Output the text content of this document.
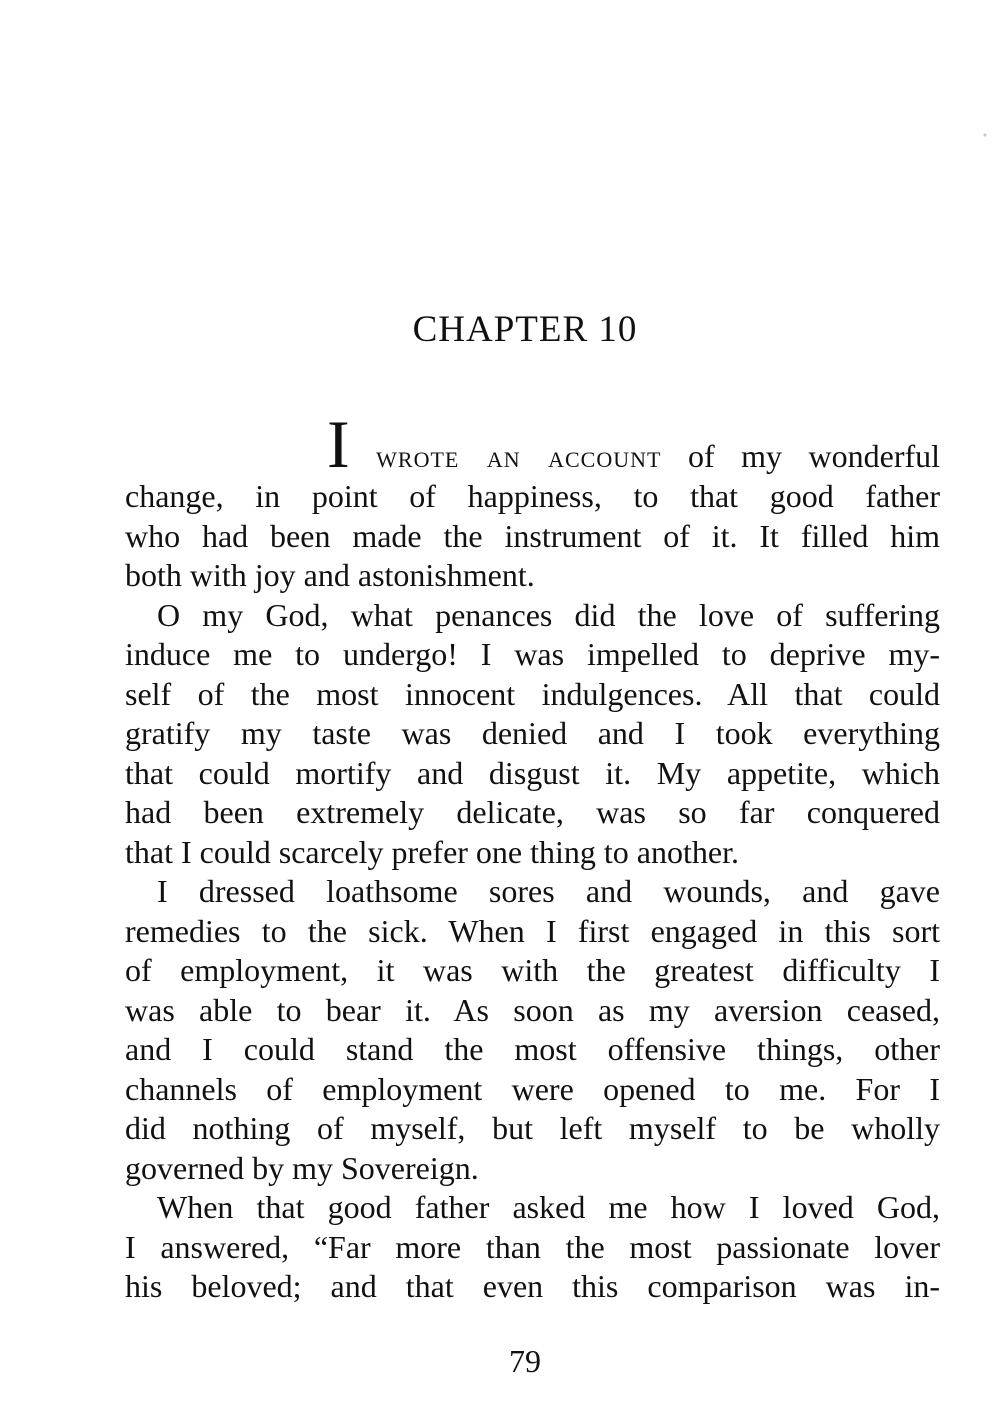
CHAPTER 10
I wrote an account of my wonderful
change, in point of happiness, to that good father
who had been made the instrument of it. It filled him
both with joy and astonishment.
O my God, what penances did the love of suffering
induce me to undergo! I was impelled to deprive my-
self of the most innocent indulgences. All that could
gratify my taste was denied and I took everything
that could mortify and disgust it. My appetite, which
had been extremely delicate, was so far conquered
that I could scarcely prefer one thing to another.
I dressed loathsome sores and wounds, and gave
remedies to the sick. When I first engaged in this sort
of employment, it was with the greatest difficulty I
was able to bear it. As soon as my aversion ceased,
and I could stand the most offensive things, other
channels of employment were opened to me. For I
did nothing of myself, but left myself to be wholly
governed by my Sovereign.
When that good father asked me how I loved God,
I answered, “Far more than the most passionate lover
his beloved; and that even this comparison was in-
79
